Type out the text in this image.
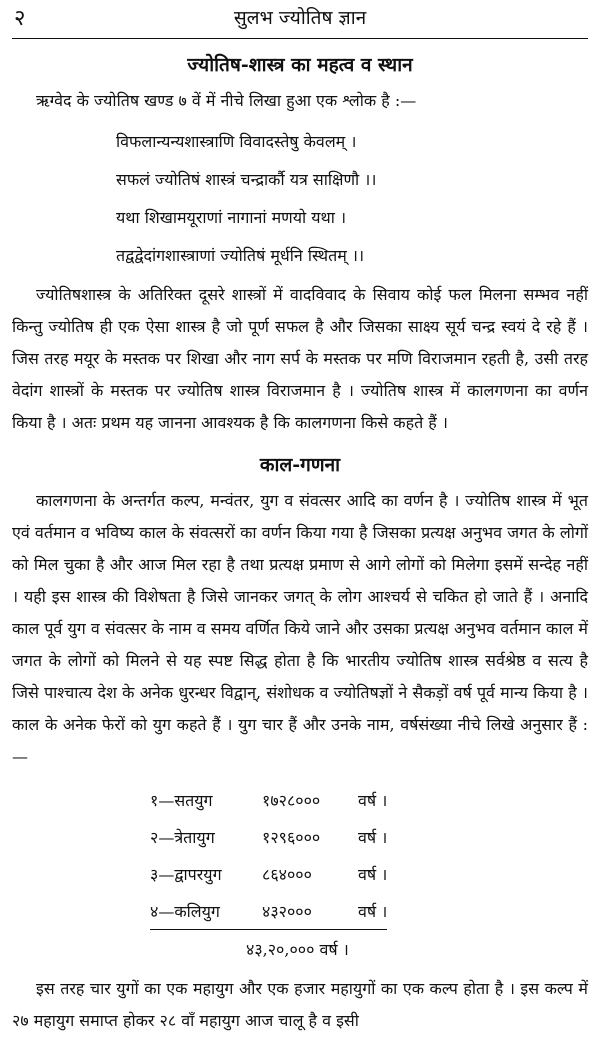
२	सुलभ ज्योतिष ज्ञान
ज्योतिष-शास्त्र का महत्व व स्थान

ऋग्वेद के ज्योतिष खण्ड ७ वें में नीचे लिखा हुआ एक श्लोक है :—

विफलान्यन्यशास्त्राणि विवादस्तेषु केवलम् ।
सफलं ज्योतिषं शास्त्रं चन्द्रार्कौ यत्र साक्षिणौ ।।
यथा शिखामयूराणां नागानां मणयो यथा ।
तद्वद्वेदांगशास्त्राणां ज्योतिषं मूर्धनि स्थितम् ।।

ज्योतिषशास्त्र के अतिरिक्त दूसरे शास्त्रों में वादविवाद के सिवाय कोई फल मिलना सम्भव नहीं किन्तु ज्योतिष ही एक ऐसा शास्त्र है जो पूर्ण सफल है और जिसका साक्ष्य सूर्य चन्द्र स्वयं दे रहे हैं । जिस तरह मयूर के मस्तक पर शिखा और नाग सर्प के मस्तक पर मणि विराजमान रहती है, उसी तरह वेदांग शास्त्रों के मस्तक पर ज्योतिष शास्त्र विराजमान है । ज्योतिष शास्त्र में कालगणना का वर्णन किया है । अतः प्रथम यह जानना आवश्यक है कि कालगणना किसे कहते हैं ।

काल-गणना

कालगणना के अन्तर्गत कल्प, मन्वंतर, युग व संवत्सर आदि का वर्णन है । ज्योतिष शास्त्र में भूत एवं वर्तमान व भविष्य काल के संवत्सरों का वर्णन किया गया है जिसका प्रत्यक्ष अनुभव जगत के लोगों को मिल चुका है और आज मिल रहा है तथा प्रत्यक्ष प्रमाण से आगे लोगों को मिलेगा इसमें सन्देह नहीं । यही इस शास्त्र की विशेषता है जिसे जानकर जगत् के लोग आश्चर्य से चकित हो जाते हैं । अनादि काल पूर्व युग व संवत्सर के नाम व समय वर्णित किये जाने और उसका प्रत्यक्ष अनुभव वर्तमान काल में जगत के लोगों को मिलने से यह स्पष्ट सिद्ध होता है कि भारतीय ज्योतिष शास्त्र सर्वश्रेष्ठ व सत्य है जिसे पाश्चात्य देश के अनेक धुरन्धर विद्वान्, संशोधक व ज्योतिषज्ञों ने सैकड़ों वर्ष पूर्व मान्य किया है । काल के अनेक फेरों को युग कहते हैं । युग चार हैं और उनके नाम, वर्षसंख्या नीचे लिखे अनुसार हैं :—

१—सतयुग	१७२८०००	वर्ष ।
२—त्रेतायुग	१२९६०००	वर्ष ।
३—द्वापरयुग	८६४०००	वर्ष ।
४—कलियुग	४३२०००	वर्ष ।
४३,२०,००० वर्ष ।		

इस तरह चार युगों का एक महायुग और एक हजार महायुगों का एक कल्प होता है । इस कल्प में २७ महायुग समाप्त होकर २८ वाँ महायुग आज चालू है व इसी
